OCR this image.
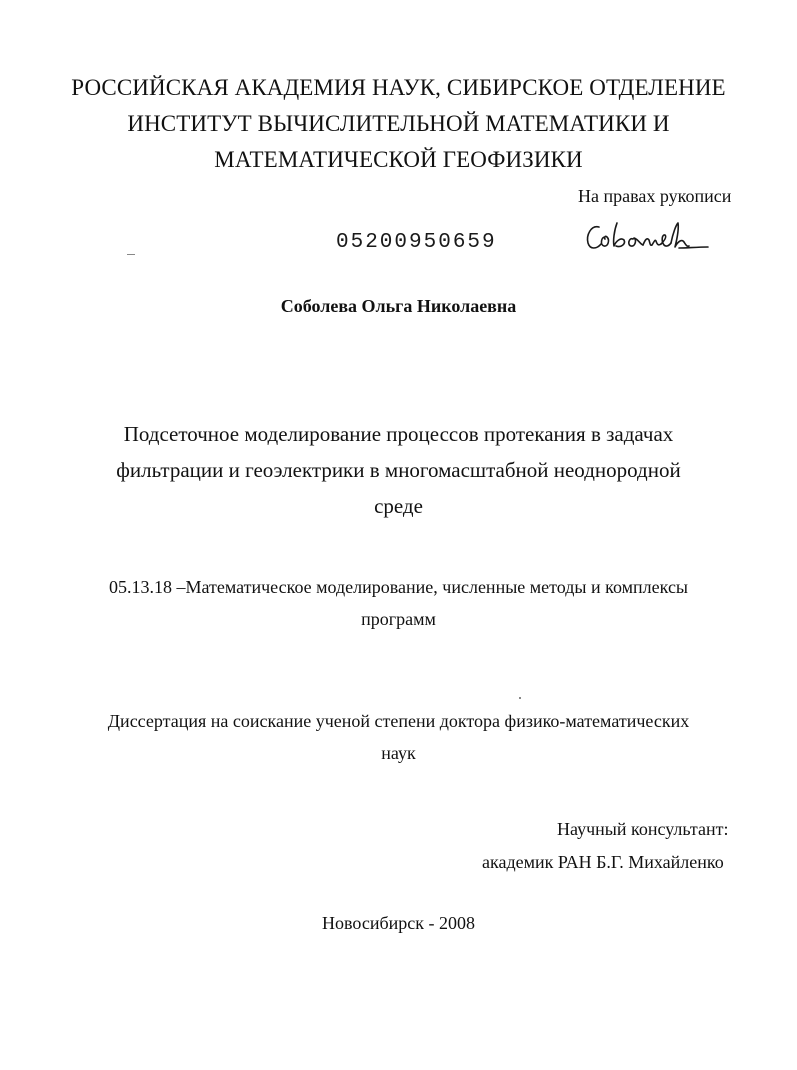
РОССИЙСКАЯ АКАДЕМИЯ НАУК, СИБИРСКОЕ ОТДЕЛЕНИЕ
ИНСТИТУТ ВЫЧИСЛИТЕЛЬНОЙ МАТЕМАТИКИ И
МАТЕМАТИЧЕСКОЙ ГЕОФИЗИКИ
На правах рукописи
05200950659
Соболева Ольга Николаевна
Подсеточное моделирование процессов протекания в задачах
фильтрации и геоэлектрики в многомасштабной неоднородной
среде
05.13.18 –Математическое моделирование, численные методы и комплексы
программ
Диссертация на соискание ученой степени доктора физико-математических
наук
Научный консультант:
академик РАН Б.Г. Михайленко
Новосибирск - 2008
